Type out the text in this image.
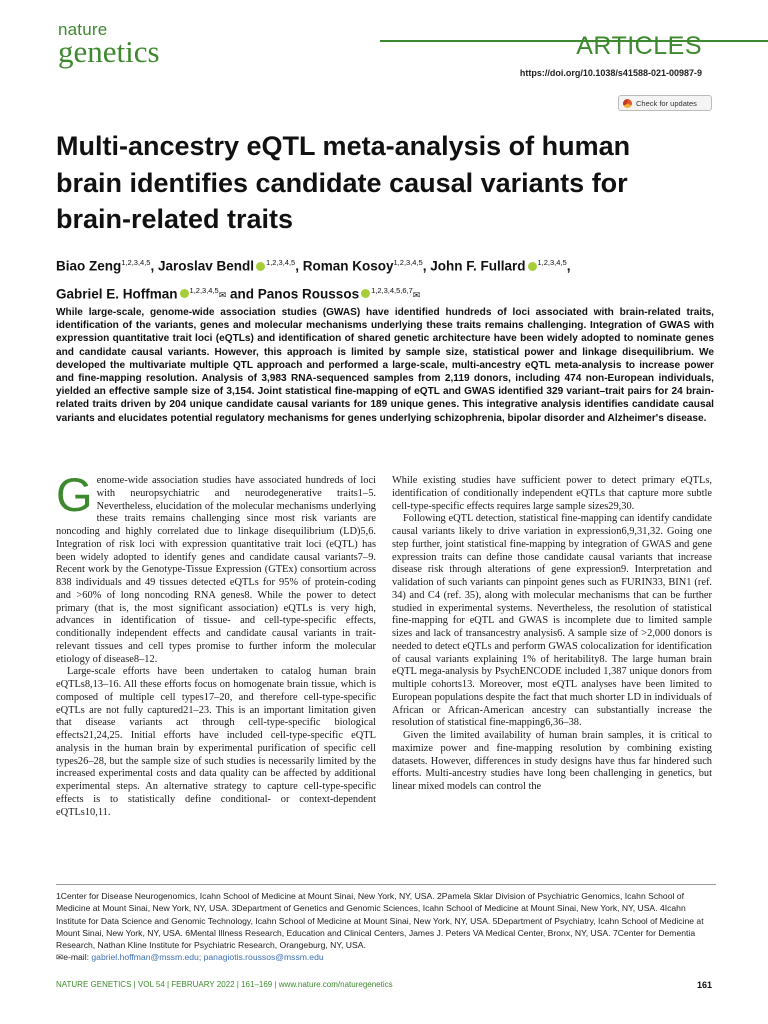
nature
genetics	ARTICLES
https://doi.org/10.1038/s41588-021-00987-9
Check for updates
Multi-ancestry eQTL meta-analysis of human brain identifies candidate causal variants for brain-related traits
Biao Zeng$^{1,2,3,4,5}$, Jaroslav Bendl $^{1,2,3,4,5}$, Roman Kosoy$^{1,2,3,4,5}$, John F. Fullard $^{1,2,3,4,5}$,
Gabriel E. Hoffman $^{1,2,3,4,5}$✉ and Panos Roussos $^{1,2,3,4,5,6,7}$✉

While large-scale, genome-wide association studies (GWAS) have identified hundreds of loci associated with brain-related traits, identification of the variants, genes and molecular mechanisms underlying these traits remains challenging. Integration of GWAS with expression quantitative trait loci (eQTLs) and identification of shared genetic architecture have been widely adopted to nominate genes and candidate causal variants. However, this approach is limited by sample size, statistical power and linkage disequilibrium. We developed the multivariate multiple QTL approach and performed a large-scale, multi-ancestry eQTL meta-analysis to increase power and fine-mapping resolution. Analysis of 3,983 RNA-sequenced samples from 2,119 donors, including 474 non-European individuals, yielded an effective sample size of 3,154. Joint statistical fine-mapping of eQTL and GWAS identified 329 variant–trait pairs for 24 brain-related traits driven by 204 unique candidate causal variants for 189 unique genes. This integrative analysis identifies candidate causal variants and elucidates potential regulatory mechanisms for genes underlying schizophrenia, bipolar disorder and Alzheimer's disease.

Genome-wide association studies have associated hundreds of loci with neuropsychiatric and neurodegenerative traits1–5. Nevertheless, elucidation of the molecular mechanisms underlying these traits remains challenging since most risk variants are noncoding and highly correlated due to linkage disequilibrium (LD)5,6. Integration of risk loci with expression quantitative trait loci (eQTL) has been widely adopted to identify genes and candidate causal variants7–9. Recent work by the Genotype-Tissue Expression (GTEx) consortium across 838 individuals and 49 tissues detected eQTLs for 95% of protein-coding and >60% of long noncoding RNA genes8. While the power to detect primary (that is, the most significant association) eQTLs is very high, advances in identification of tissue- and cell-type-specific effects, conditionally independent effects and candidate causal variants in trait-relevant tissues and cell types promise to further inform the molecular etiology of disease8–12.

Large-scale efforts have been undertaken to catalog human brain eQTLs8,13–16. All these efforts focus on homogenate brain tissue, which is composed of multiple cell types17–20, and therefore cell-type-specific eQTLs are not fully captured21–23. This is an important limitation given that disease variants act through cell-type-specific biological effects21,24,25. Initial efforts have included cell-type-specific eQTL analysis in the human brain by experimental purification of specific cell types26–28, but the sample size of such studies is necessarily limited by the increased experimental costs and data quality can be affected by additional experimental steps. An alternative strategy to capture cell-type-specific effects is to statistically define conditional- or context-dependent eQTLs10,11.

While existing studies have sufficient power to detect primary eQTLs, identification of conditionally independent eQTLs that capture more subtle cell-type-specific effects requires large sample sizes29,30.

Following eQTL detection, statistical fine-mapping can identify candidate causal variants likely to drive variation in expression6,9,31,32. Going one step further, joint statistical fine-mapping by integration of GWAS and gene expression traits can define those candidate causal variants that increase disease risk through alterations of gene expression9. Interpretation and validation of such variants can pinpoint genes such as FURIN33, BIN1 (ref. 34) and C4 (ref. 35), along with molecular mechanisms that can be further studied in experimental systems. Nevertheless, the resolution of statistical fine-mapping for eQTL and GWAS is incomplete due to limited sample sizes and lack of transancestry analysis6. A sample size of >2,000 donors is needed to detect eQTLs and perform GWAS colocalization for identification of causal variants explaining 1% of heritability8. The large human brain eQTL mega-analysis by PsychENCODE included 1,387 unique donors from multiple cohorts13. Moreover, most eQTL analyses have been limited to European populations despite the fact that much shorter LD in individuals of African or African-American ancestry can substantially increase the resolution of statistical fine-mapping6,36–38.

Given the limited availability of human brain samples, it is critical to maximize power and fine-mapping resolution by combining existing datasets. However, differences in study designs have thus far hindered such efforts. Multi-ancestry studies have long been challenging in genetics, but linear mixed models can control the

1Center for Disease Neurogenomics, Icahn School of Medicine at Mount Sinai, New York, NY, USA. 2Pamela Sklar Division of Psychiatric Genomics, Icahn School of Medicine at Mount Sinai, New York, NY, USA. 3Department of Genetics and Genomic Sciences, Icahn School of Medicine at Mount Sinai, New York, NY, USA. 4Icahn Institute for Data Science and Genomic Technology, Icahn School of Medicine at Mount Sinai, New York, NY, USA. 5Department of Psychiatry, Icahn School of Medicine at Mount Sinai, New York, NY, USA. 6Mental Illness Research, Education and Clinical Centers, James J. Peters VA Medical Center, Bronx, NY, USA. 7Center for Dementia Research, Nathan Kline Institute for Psychiatric Research, Orangeburg, NY, USA.

✉e-mail: gabriel.hoffman@mssm.edu; panagiotis.roussos@mssm.edu
NATURE GENETICS | VOL 54 | FEBRUARY 2022 | 161–169 | www.nature.com/naturegenetics	161
